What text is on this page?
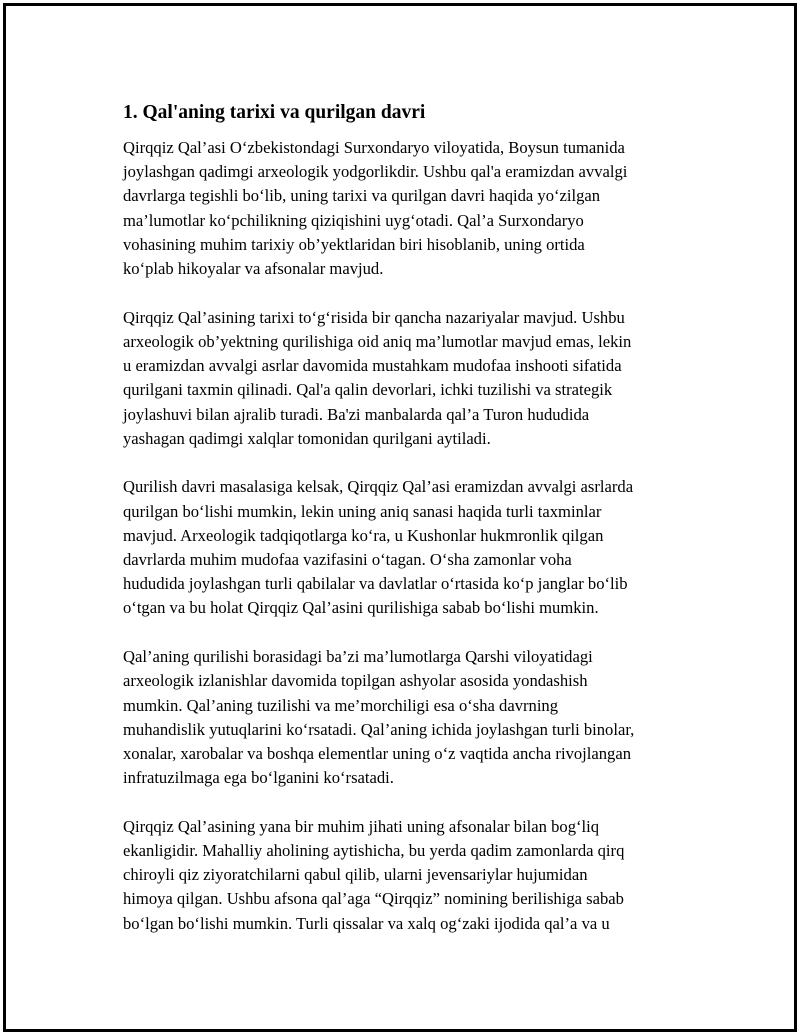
1. Qal'aning tarixi va qurilgan davri
Qirqqiz Qal’asi O‘zbekistondagi Surxondaryo viloyatida, Boysun tumanida
joylashgan qadimgi arxeologik yodgorlikdir. Ushbu qal'a eramizdan avvalgi
davrlarga tegishli bo‘lib, uning tarixi va qurilgan davri haqida yo‘zilgan
ma’lumotlar ko‘pchilikning qiziqishini uyg‘otadi. Qal’a Surxondaryo
vohasining muhim tarixiy ob’yektlaridan biri hisoblanib, uning ortida
ko‘plab hikoyalar va afsonalar mavjud.
Qirqqiz Qal’asining tarixi to‘g‘risida bir qancha nazariyalar mavjud. Ushbu
arxeologik ob’yektning qurilishiga oid aniq ma’lumotlar mavjud emas, lekin
u eramizdan avvalgi asrlar davomida mustahkam mudofaa inshooti sifatida
qurilgani taxmin qilinadi. Qal'a qalin devorlari, ichki tuzilishi va strategik
joylashuvi bilan ajralib turadi. Ba'zi manbalarda qal’a Turon hududida
yashagan qadimgi xalqlar tomonidan qurilgani aytiladi.
Qurilish davri masalasiga kelsak, Qirqqiz Qal’asi eramizdan avvalgi asrlarda
qurilgan bo‘lishi mumkin, lekin uning aniq sanasi haqida turli taxminlar
mavjud. Arxeologik tadqiqotlarga ko‘ra, u Kushonlar hukmronlik qilgan
davrlarda muhim mudofaa vazifasini o‘tagan. O‘sha zamonlar voha
hududida joylashgan turli qabilalar va davlatlar o‘rtasida ko‘p janglar bo‘lib
o‘tgan va bu holat Qirqqiz Qal’asini qurilishiga sabab bo‘lishi mumkin.
Qal’aning qurilishi borasidagi ba’zi ma’lumotlarga Qarshi viloyatidagi
arxeologik izlanishlar davomida topilgan ashyolar asosida yondashish
mumkin. Qal’aning tuzilishi va me’morchiligi esa o‘sha davrning
muhandislik yutuqlarini ko‘rsatadi. Qal’aning ichida joylashgan turli binolar,
xonalar, xarobalar va boshqa elementlar uning o‘z vaqtida ancha rivojlangan
infratuzilmaga ega bo‘lganini ko‘rsatadi.
Qirqqiz Qal’asining yana bir muhim jihati uning afsonalar bilan bog‘liq
ekanligidir. Mahalliy aholining aytishicha, bu yerda qadim zamonlarda qirq
chiroyli qiz ziyoratchilarni qabul qilib, ularni jevensariylar hujumidan
himoya qilgan. Ushbu afsona qal’aga “Qirqqiz” nomining berilishiga sabab
bo‘lgan bo‘lishi mumkin. Turli qissalar va xalq og‘zaki ijodida qal’a va u
